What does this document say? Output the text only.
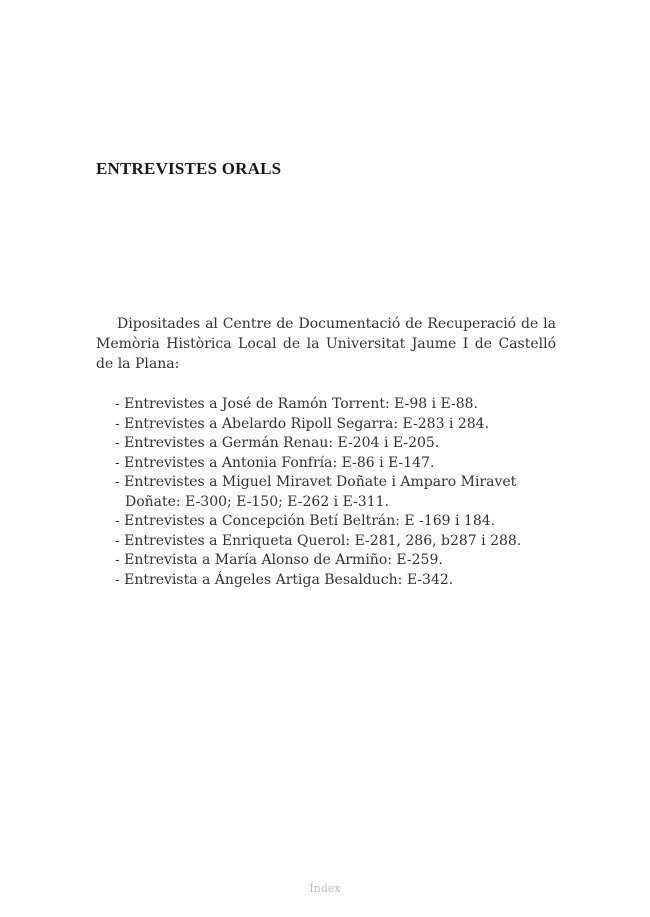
ENTREVISTES ORALS

Dipositades al Centre de Documentació de Recuperació de la Memòria Històrica Local de la Universitat Jaume I de Castelló de la Plana:

- Entrevistes a José de Ramón Torrent: E-98 i E-88.
- Entrevistes a Abelardo Ripoll Segarra: E-283 i 284.
- Entrevistes a Germán Renau: E-204 i E-205.
- Entrevistes a Antonia Fonfría: E-86 i E-147.
- Entrevistes a Miguel Miravet Doñate i Amparo Miravet Doñate: E-300; E-150; E-262 i E-311.
- Entrevistes a Concepción Betí Beltrán: E -169 i 184.
- Entrevistes a Enriqueta Querol: E-281, 286, b287 i 288.
- Entrevista a María Alonso de Armiño: E-259.
- Entrevista a Ángeles Artiga Besalduch: E-342.
Índex
